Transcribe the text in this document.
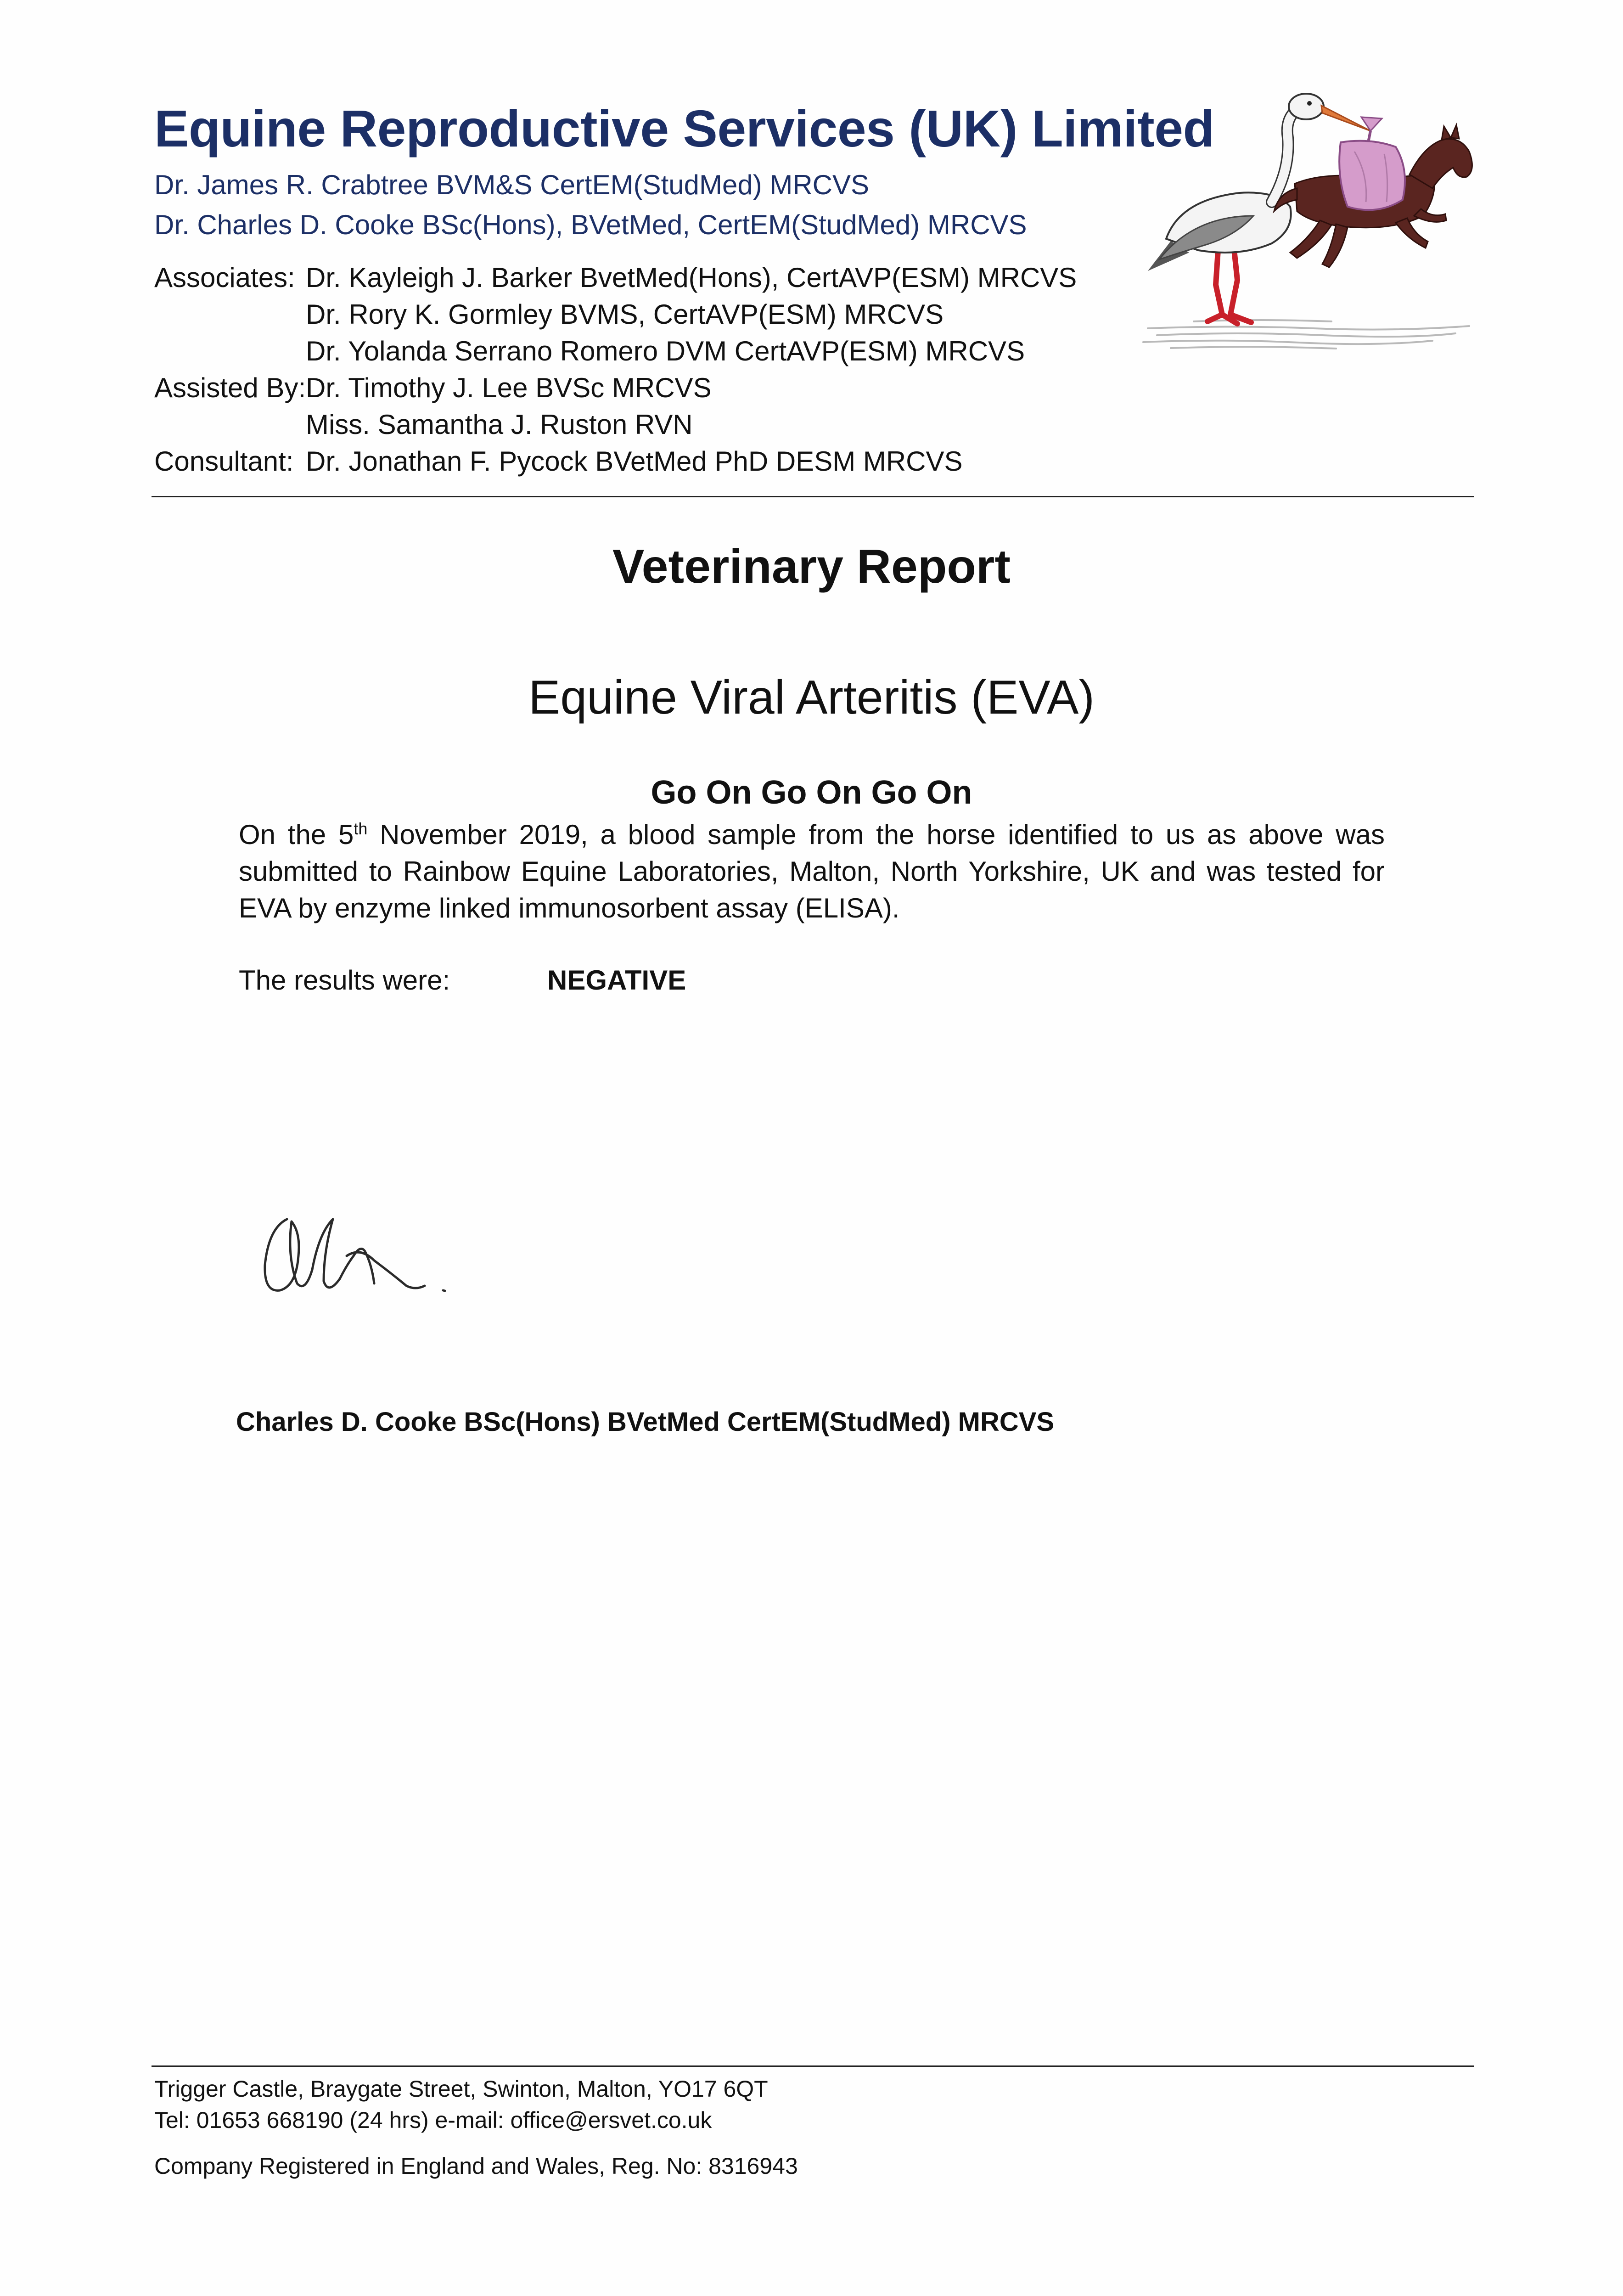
Equine Reproductive Services (UK) Limited
Dr. James R. Crabtree BVM&S CertEM(StudMed) MRCVS
Dr. Charles D. Cooke BSc(Hons), BVetMed, CertEM(StudMed) MRCVS
Associates: Dr. Kayleigh J. Barker BvetMed(Hons), CertAVP(ESM) MRCVS
Dr. Rory K. Gormley BVMS, CertAVP(ESM) MRCVS
Dr. Yolanda Serrano Romero DVM CertAVP(ESM) MRCVS
Assisted By: Dr. Timothy J. Lee BVSc MRCVS
Miss. Samantha J. Ruston RVN
Consultant: Dr. Jonathan F. Pycock BVetMed PhD DESM MRCVS
Veterinary Report
Equine Viral Arteritis (EVA)
Go On Go On Go On
On the 5th November 2019, a blood sample from the horse identified to us as above was submitted to Rainbow Equine Laboratories, Malton, North Yorkshire, UK and was tested for EVA by enzyme linked immunosorbent assay (ELISA).
The results were:	NEGATIVE
Charles D. Cooke BSc(Hons) BVetMed CertEM(StudMed) MRCVS
Trigger Castle, Braygate Street, Swinton, Malton, YO17 6QT
Tel: 01653 668190 (24 hrs) e-mail: office@ersvet.co.uk
Company Registered in England and Wales, Reg. No: 8316943
